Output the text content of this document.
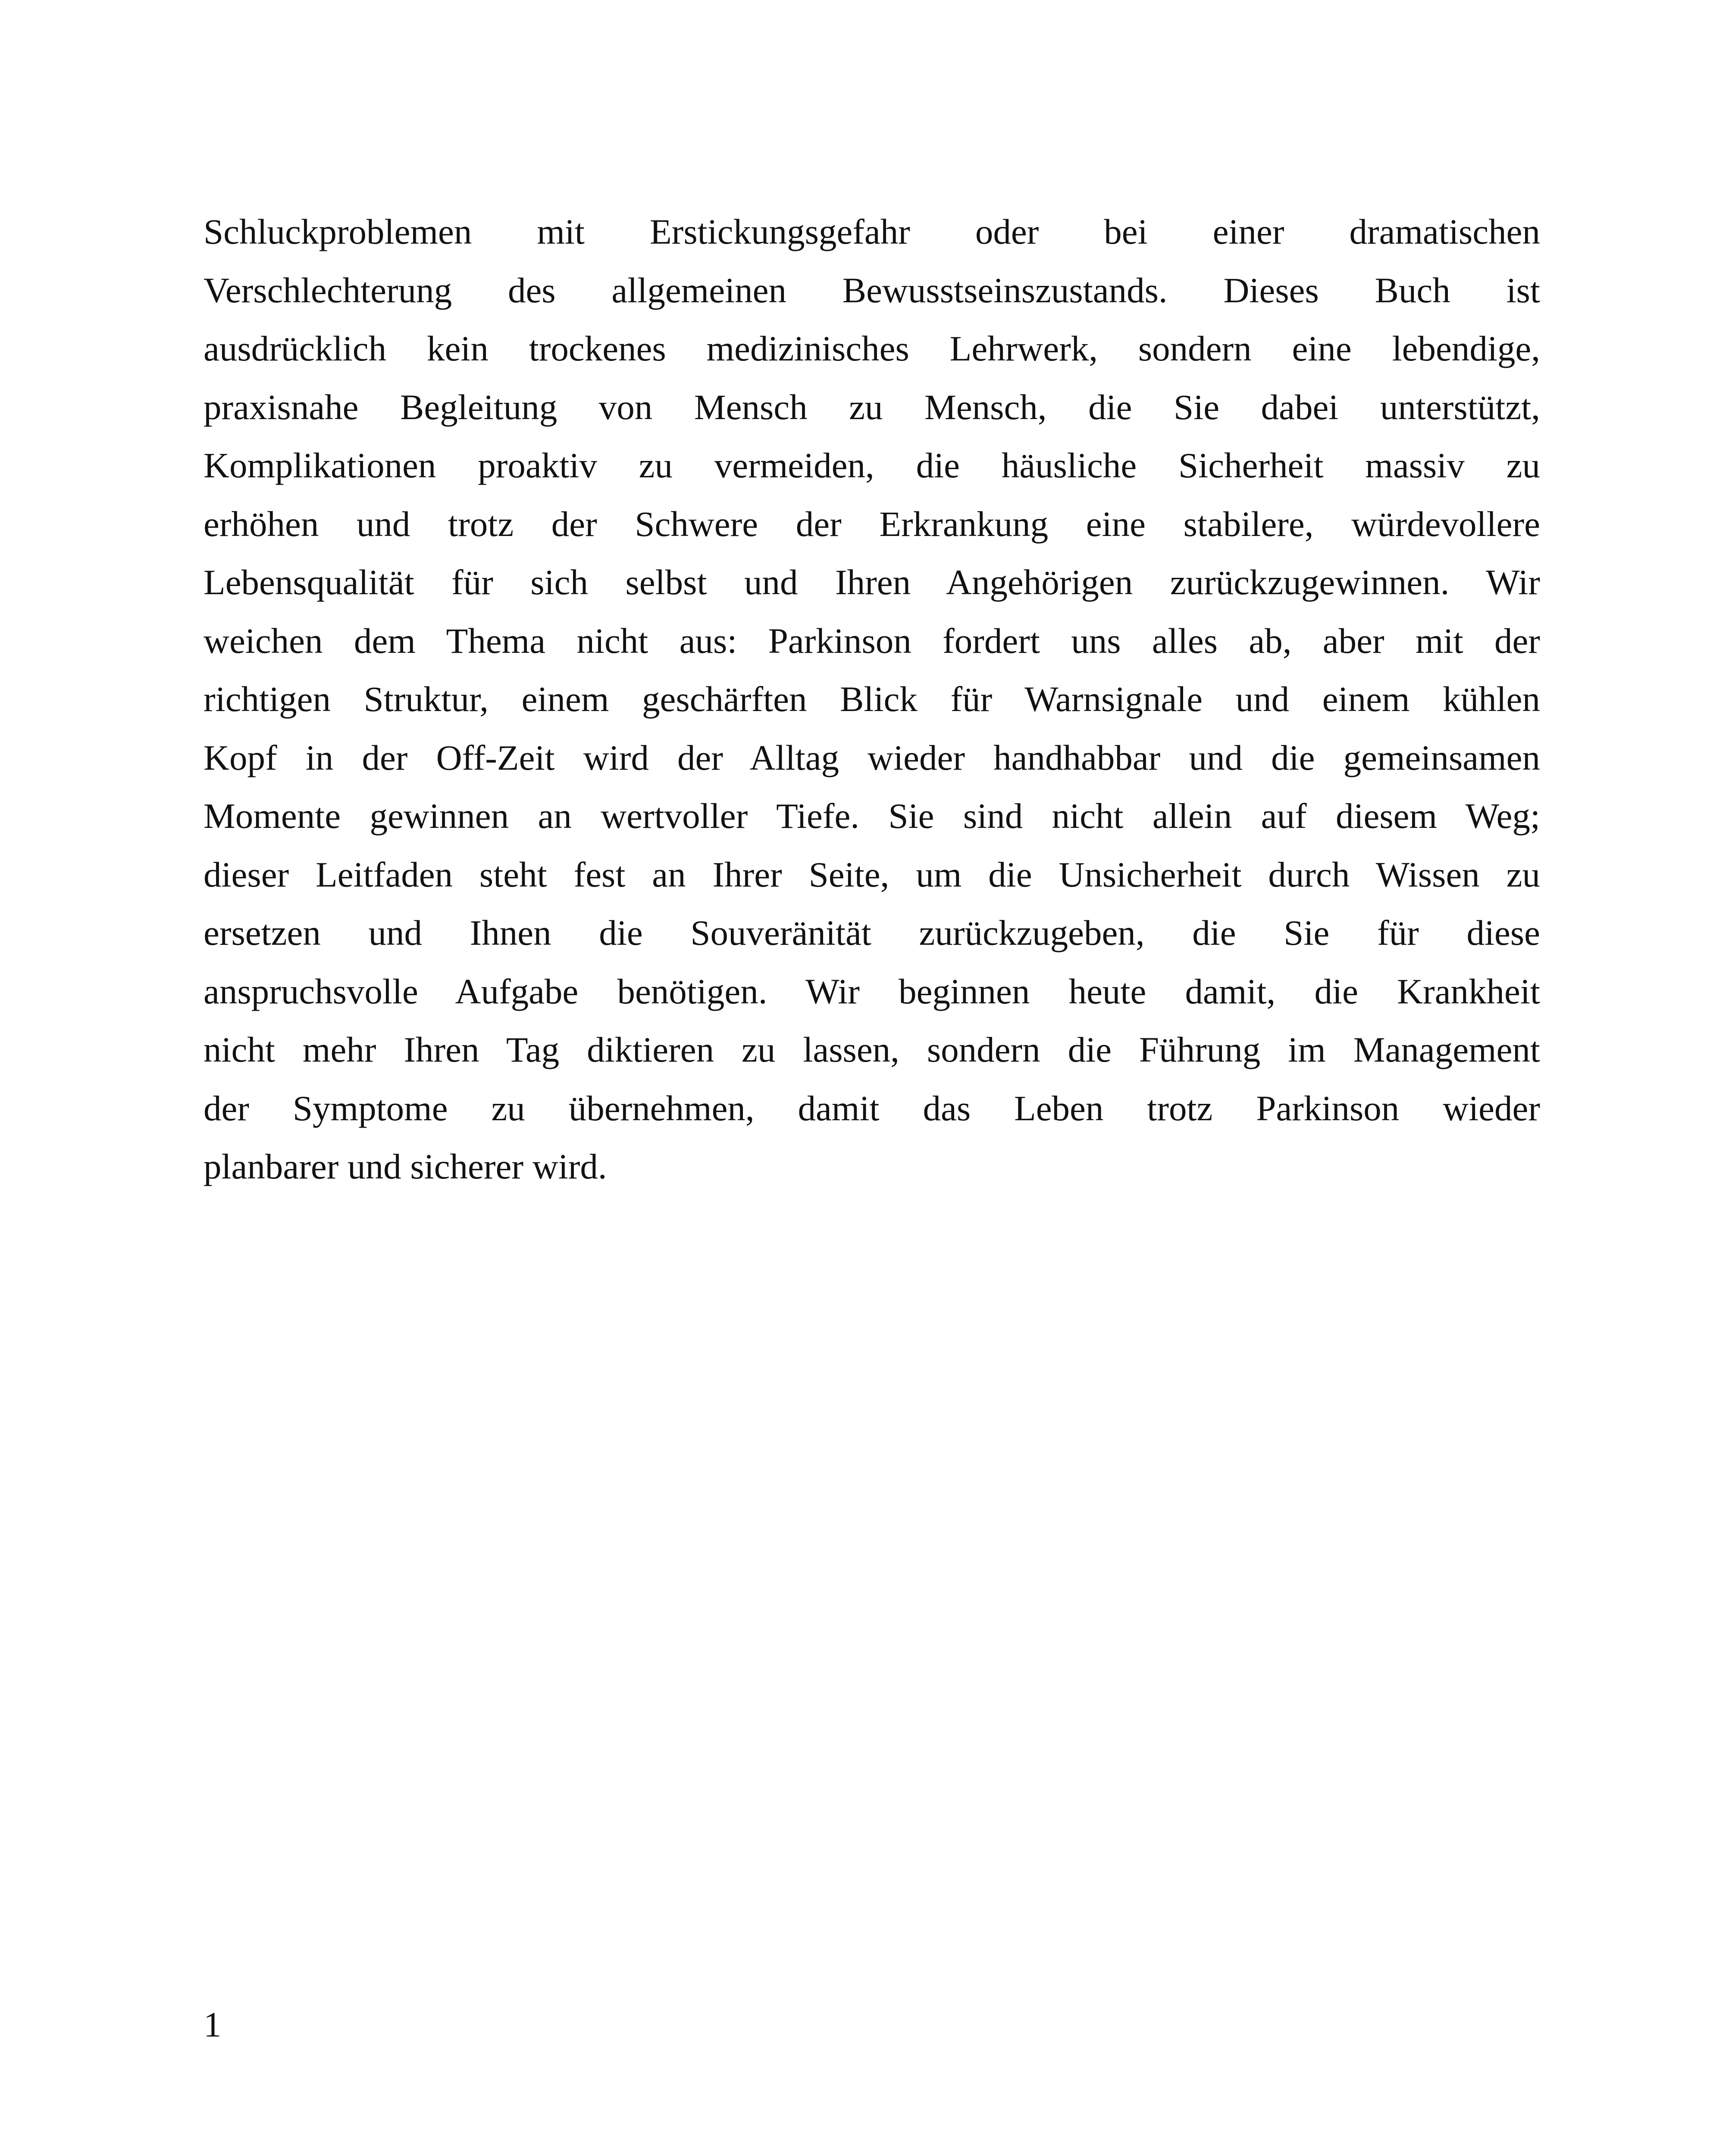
Schluckproblemen mit Erstickungsgefahr oder bei einer dramatischen
Verschlechterung des allgemeinen Bewusstseinszustands. Dieses Buch ist
ausdrücklich kein trockenes medizinisches Lehrwerk, sondern eine lebendige,
praxisnahe Begleitung von Mensch zu Mensch, die Sie dabei unterstützt,
Komplikationen proaktiv zu vermeiden, die häusliche Sicherheit massiv zu
erhöhen und trotz der Schwere der Erkrankung eine stabilere, würdevollere
Lebensqualität für sich selbst und Ihren Angehörigen zurückzugewinnen. Wir
weichen dem Thema nicht aus: Parkinson fordert uns alles ab, aber mit der
richtigen Struktur, einem geschärften Blick für Warnsignale und einem kühlen
Kopf in der Off-Zeit wird der Alltag wieder handhabbar und die gemeinsamen
Momente gewinnen an wertvoller Tiefe. Sie sind nicht allein auf diesem Weg;
dieser Leitfaden steht fest an Ihrer Seite, um die Unsicherheit durch Wissen zu
ersetzen und Ihnen die Souveränität zurückzugeben, die Sie für diese
anspruchsvolle Aufgabe benötigen. Wir beginnen heute damit, die Krankheit
nicht mehr Ihren Tag diktieren zu lassen, sondern die Führung im Management
der Symptome zu übernehmen, damit das Leben trotz Parkinson wieder
planbarer und sicherer wird.
1
